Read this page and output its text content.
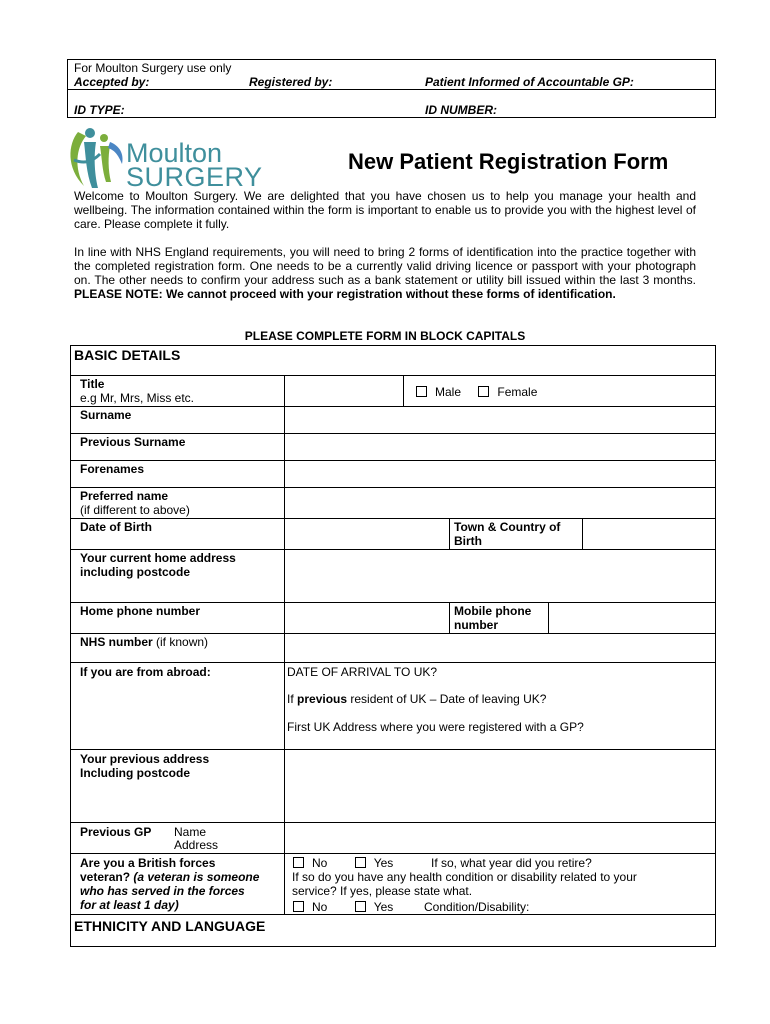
For Moulton Surgery use only
Accepted by:	Registered by:	Patient Informed of Accountable GP:
ID TYPE:	ID NUMBER:
Moulton
SURGERY
New Patient Registration Form
Welcome to Moulton Surgery. We are delighted that you have chosen us to help you manage your health and wellbeing. The information contained within the form is important to enable us to provide you with the highest level of care. Please complete it fully.
In line with NHS England requirements, you will need to bring 2 forms of identification into the practice together with the completed registration form. One needs to be a currently valid driving licence or passport with your photograph on. The other needs to confirm your address such as a bank statement or utility bill issued within the last 3 months. PLEASE NOTE: We cannot proceed with your registration without these forms of identification.
PLEASE COMPLETE FORM IN BLOCK CAPITALS
BASIC DETAILS
Title
e.g Mr, Mrs, Miss etc.	Male	Female
Surname
Previous Surname
Forenames
Preferred name
(if different to above)
Date of Birth	Town & Country of
Birth
Your current home address
including postcode
Home phone number	Mobile phone
number
NHS number (if known)
If you are from abroad:	DATE OF ARRIVAL TO UK?
If previous resident of UK – Date of leaving UK?
First UK Address where you were registered with a GP?
Your previous address
Including postcode
Previous GP Name
Address
Are you a British forces
veteran? (a veteran is someone
who has served in the forces
for at least 1 day)
No	Yes	If so, what year did you retire?
If so do you have any health condition or disability related to your
service? If yes, please state what.
No	Yes	Condition/Disability:
ETHNICITY AND LANGUAGE
